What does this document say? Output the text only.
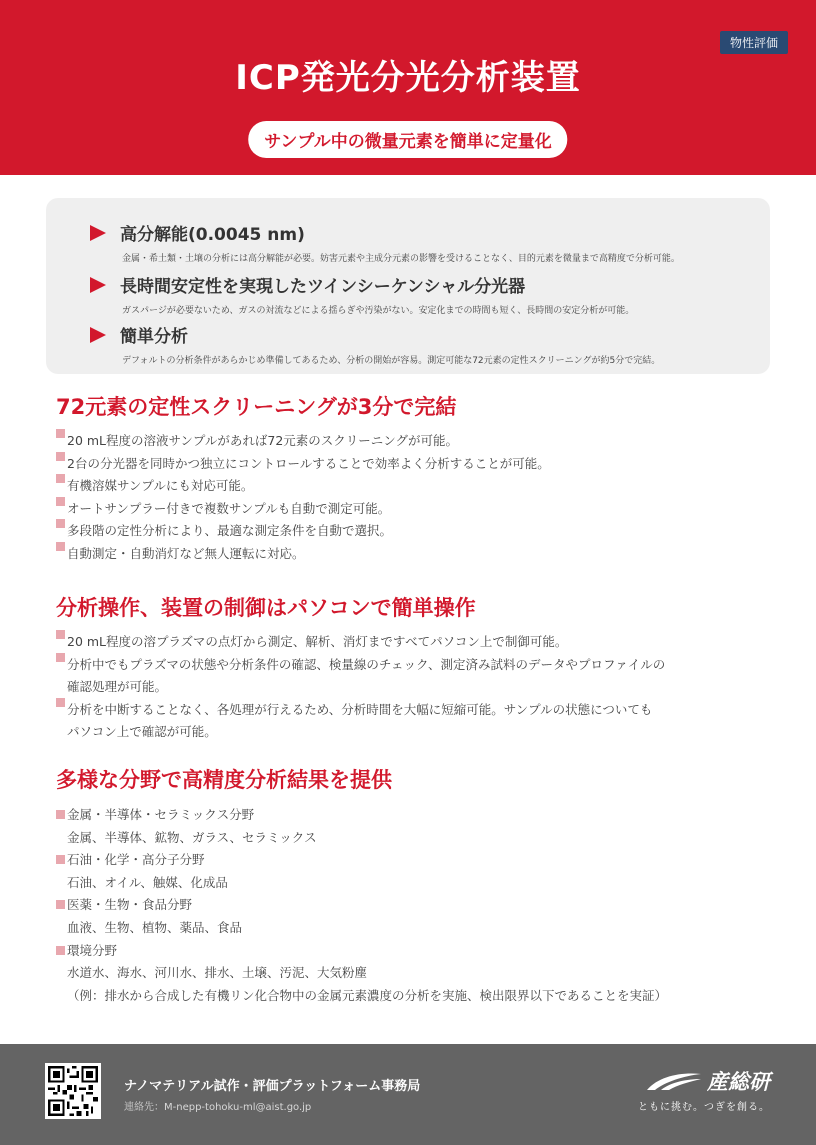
物性評価
ICP発光分光分析装置
サンプル中の微量元素を簡単に定量化
高分解能(0.0045 nm)
金属・希土類・土壌の分析には高分解能が必要。妨害元素や主成分元素の影響を受けることなく、目的元素を微量まで高精度で分析可能。
長時間安定性を実現したツインシーケンシャル分光器
ガスパージが必要ないため、ガスの対流などによる揺らぎや汚染がない。安定化までの時間も短く、長時間の安定分析が可能。
簡単分析
デフォルトの分析条件があらかじめ準備してあるため、分析の開始が容易。測定可能な72元素の定性スクリーニングが約5分で完結。
72元素の定性スクリーニングが3分で完結
20 mL程度の溶液サンプルがあれば72元素のスクリーニングが可能。
2台の分光器を同時かつ独立にコントロールすることで効率よく分析することが可能。
有機溶媒サンプルにも対応可能。
オートサンプラー付きで複数サンプルも自動で測定可能。
多段階の定性分析により、最適な測定条件を自動で選択。
自動測定・自動消灯など無人運転に対応。
分析操作、装置の制御はパソコンで簡単操作
20 mL程度の溶プラズマの点灯から測定、解析、消灯まですべてパソコン上で制御可能。
分析中でもプラズマの状態や分析条件の確認、検量線のチェック、測定済み試料のデータやプロファイルの
確認処理が可能。
分析を中断することなく、各処理が行えるため、分析時間を大幅に短縮可能。サンプルの状態についても
パソコン上で確認が可能。
多様な分野で高精度分析結果を提供
金属・半導体・セラミックス分野
金属、半導体、鉱物、ガラス、セラミックス
石油・化学・高分子分野
石油、オイル、触媒、化成品
医薬・生物・食品分野
血液、生物、植物、薬品、食品
環境分野
水道水、海水、河川水、排水、土壌、汚泥、大気粉塵
（例：排水から合成した有機リン化合物中の金属元素濃度の分析を実施、検出限界以下であることを実証）
ナノマテリアル試作・評価プラットフォーム事務局
連絡先：M-nepp-tohoku-ml@aist.go.jp
産総研
ともに挑む。つぎを創る。
